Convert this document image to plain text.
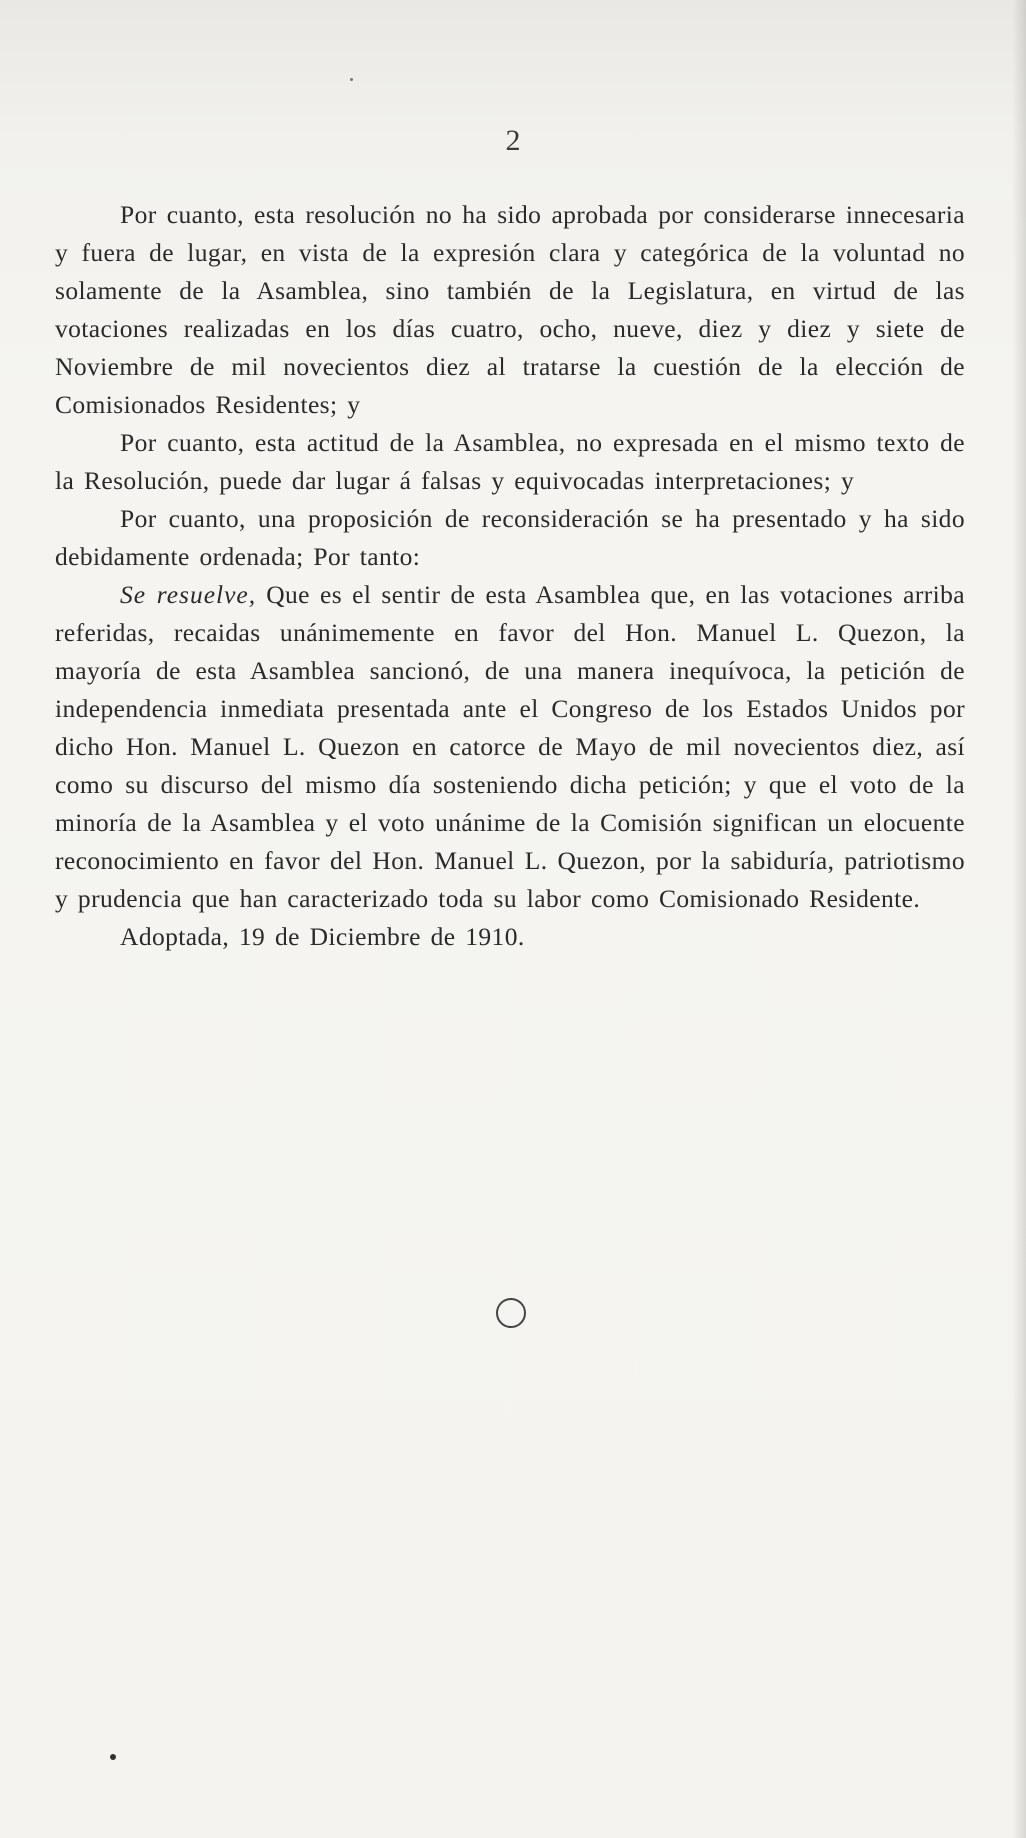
2

Por cuanto, esta resolución no ha sido aprobada por considerarse innecesaria y fuera de lugar, en vista de la expresión clara y categórica de la voluntad no solamente de la Asamblea, sino también de la Legislatura, en virtud de las votaciones realizadas en los días cuatro, ocho, nueve, diez y diez y siete de Noviembre de mil novecientos diez al tratarse la cuestión de la elección de Comisionados Residentes; y

Por cuanto, esta actitud de la Asamblea, no expresada en el mismo texto de la Resolución, puede dar lugar á falsas y equivocadas interpretaciones; y

Por cuanto, una proposición de reconsideración se ha presentado y ha sido debidamente ordenada; Por tanto:

Se resuelve, Que es el sentir de esta Asamblea que, en las votaciones arriba referidas, recaidas unánimemente en favor del Hon. Manuel L. Quezon, la mayoría de esta Asamblea sancionó, de una manera inequívoca, la petición de independencia inmediata presentada ante el Congreso de los Estados Unidos por dicho Hon. Manuel L. Quezon en catorce de Mayo de mil novecientos diez, así como su discurso del mismo día sosteniendo dicha petición; y que el voto de la minoría de la Asamblea y el voto unánime de la Comisión significan un elocuente reconocimiento en favor del Hon. Manuel L. Quezon, por la sabiduría, patriotismo y prudencia que han caracterizado toda su labor como Comisionado Residente.

Adoptada, 19 de Diciembre de 1910.
